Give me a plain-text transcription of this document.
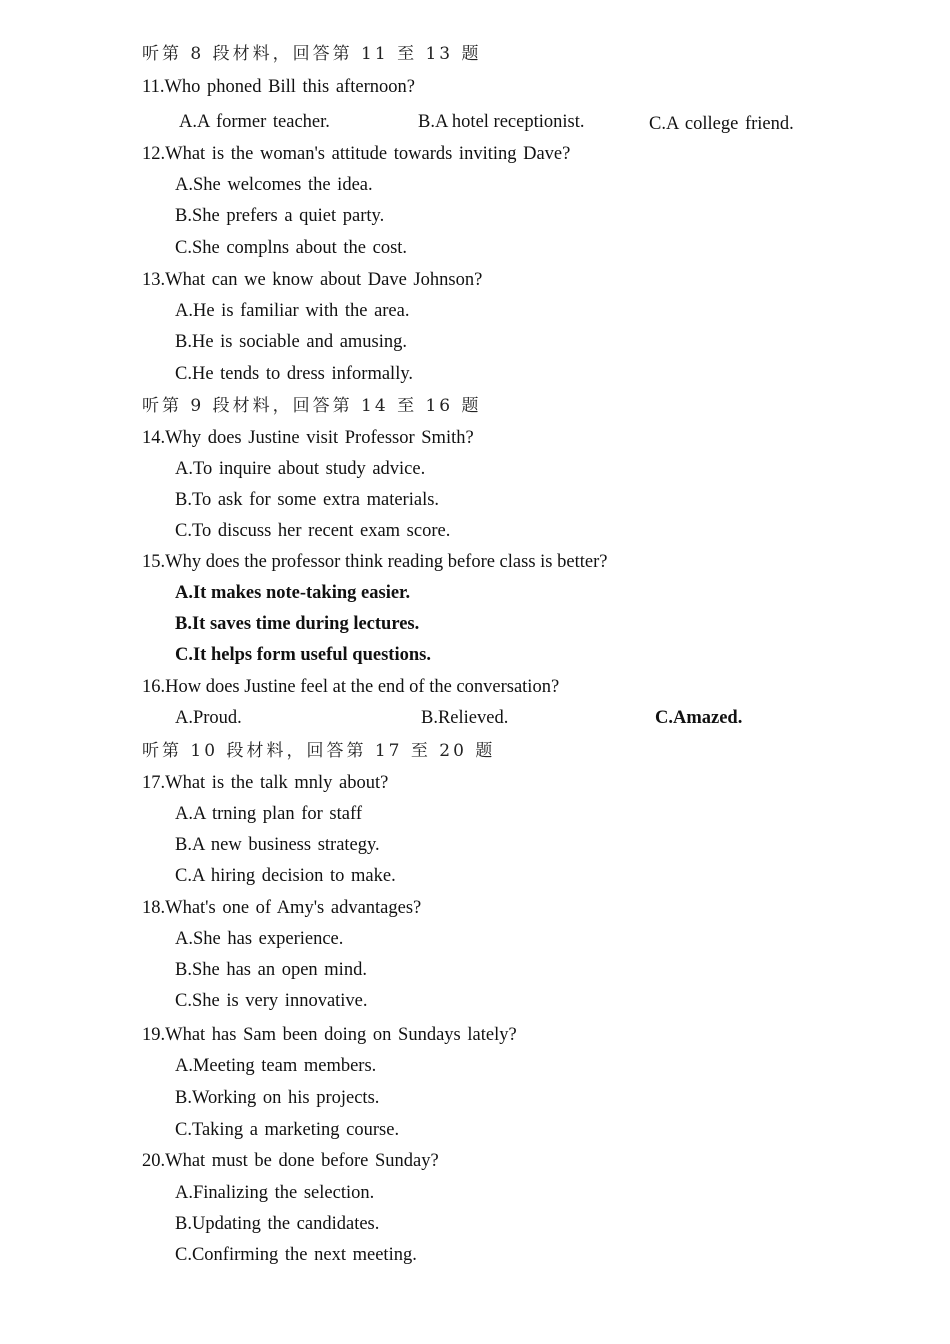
听第 8 段材料，回答第 11 至 13 题
11.Who phoned Bill this afternoon?
A.A former teacher.	B.A hotel receptionist.	C.A college friend.
12.What is the woman's attitude towards inviting Dave?
A.She welcomes the idea.
B.She prefers a quiet party.
C.She complns about the cost.
13.What can we know about Dave Johnson?
A.He is familiar with the area.
B.He is sociable and amusing.
C.He tends to dress informally.
听第 9 段材料，回答第 14 至 16 题
14.Why does Justine visit Professor Smith?
A.To inquire about study advice.
B.To ask for some extra materials.
C.To discuss her recent exam score.
15.Why does the professor think reading before class is better?
A.It makes note-taking easier.
B.It saves time during lectures.
C.It helps form useful questions.
16.How does Justine feel at the end of the conversation?
A.Proud.	B.Relieved.	C.Amazed.
听第 10 段材料，回答第 17 至 20 题
17.What is the talk mnly about?
A.A trning plan for staff
B.A new business strategy.
C.A hiring decision to make.
18.What's one of Amy's advantages?
A.She has experience.
B.She has an open mind.
C.She is very innovative.
19.What has Sam been doing on Sundays lately?
A.Meeting team members.
B.Working on his projects.
C.Taking a marketing course.
20.What must be done before Sunday?
A.Finalizing the selection.
B.Updating the candidates.
C.Confirming the next meeting.
